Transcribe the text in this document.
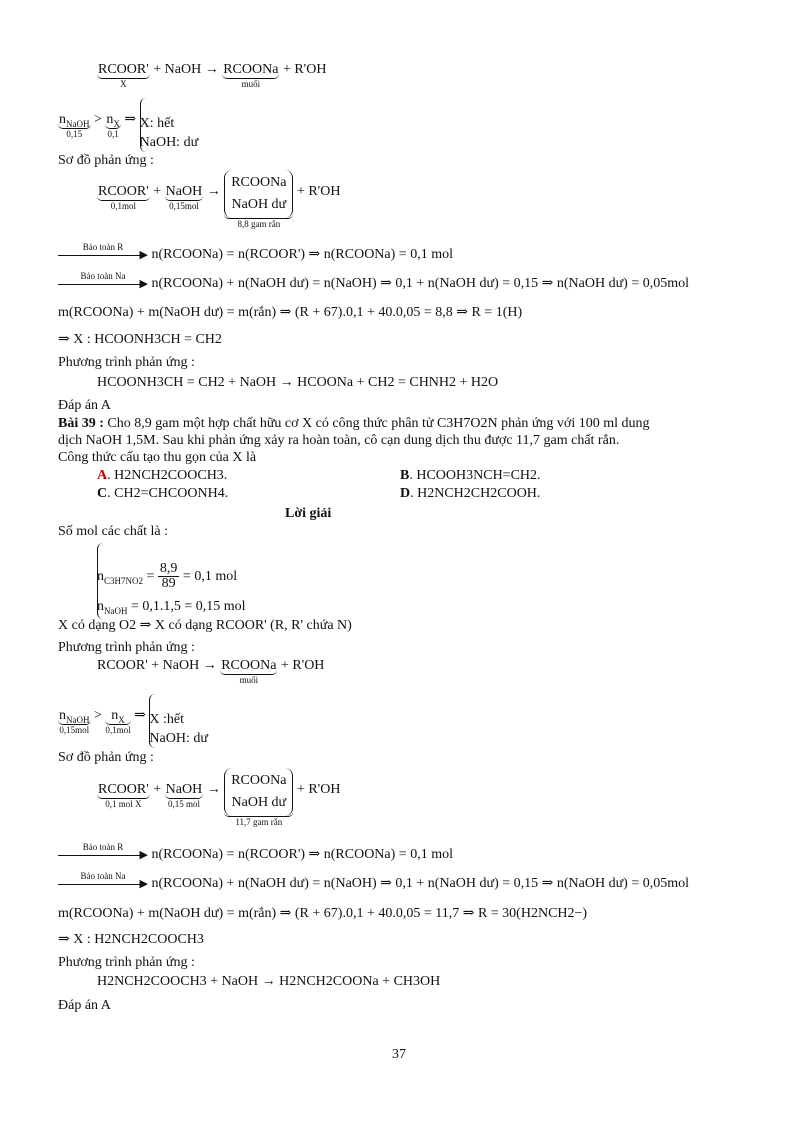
RCOOR'
X
+ NaOH → RCOONa
muối
+ R'OH
$n_{NaOH}$
0,15
> $n_X$
0,1
⇒ X: hết
NaOH: dư
Sơ đồ phản ứng :
RCOOR'
0,1mol
+ NaOH
0,15mol
→
RCOONa
NaOH dư
8,8 gam rắn
+ R'OH
Bảo toàn R
▶ n(RCOONa) = n(RCOOR') ⇒ n(RCOONa) = 0,1 mol
Bảo toàn Na
▶ n(RCOONa) + n(NaOH dư) = n(NaOH) ⇒ 0,1 + n(NaOH dư) = 0,15 ⇒ n(NaOH dư) = 0,05mol
m(RCOONa) + m(NaOH dư) = m(rắn) ⇒ (R + 67).0,1 + 40.0,05 = 8,8 ⇒ R = 1(H)
⇒ X : HCOONH3CH = CH2
Phương trình phản ứng :
HCOONH3CH = CH2 + NaOH → HCOONa + CH2 = CHNH2 + H2O
Đáp án A
Bài 39 : Cho 8,9 gam một hợp chất hữu cơ X có công thức phân tử C3H7O2N phản ứng với 100 ml dung
dịch NaOH 1,5M. Sau khi phản ứng xảy ra hoàn toàn, cô cạn dung dịch thu được 11,7 gam chất rắn.
Công thức cấu tạo thu gọn của X là
A. H2NCH2COOCH3.	B. HCOOH3NCH=CH2.
C. CH2=CHCOONH4.	D. H2NCH2CH2COOH.
Lời giải
Số mol các chất là :
$n_{C3H7NO2} = \frac{8,9}{89} = 0,1$ mol
$n_{NaOH} = 0,1.1,5 = 0,15$ mol
X có dạng O2 ⇒ X có dạng RCOOR' (R, R' chứa N)
Phương trình phản ứng :
RCOOR' + NaOH → RCOONa
muối
+ R'OH
$n_{NaOH}$
0,15mol
> $n_X$
0,1mol
⇒ X :hết
NaOH: dư
Sơ đồ phản ứng :
RCOOR'
0,1 mol X
+ NaOH
0,15 mol
→
RCOONa
NaOH dư
11,7 gam rắn
+ R'OH
Bảo toàn R
▶ n(RCOONa) = n(RCOOR') ⇒ n(RCOONa) = 0,1 mol
Bảo toàn Na
▶ n(RCOONa) + n(NaOH dư) = n(NaOH) ⇒ 0,1 + n(NaOH dư) = 0,15 ⇒ n(NaOH dư) = 0,05mol
m(RCOONa) + m(NaOH dư) = m(rắn) ⇒ (R + 67).0,1 + 40.0,05 = 11,7 ⇒ R = 30(H2NCH2−)
⇒ X : H2NCH2COOCH3
Phương trình phản ứng :
H2NCH2COOCH3 + NaOH → H2NCH2COONa + CH3OH
Đáp án A
37
